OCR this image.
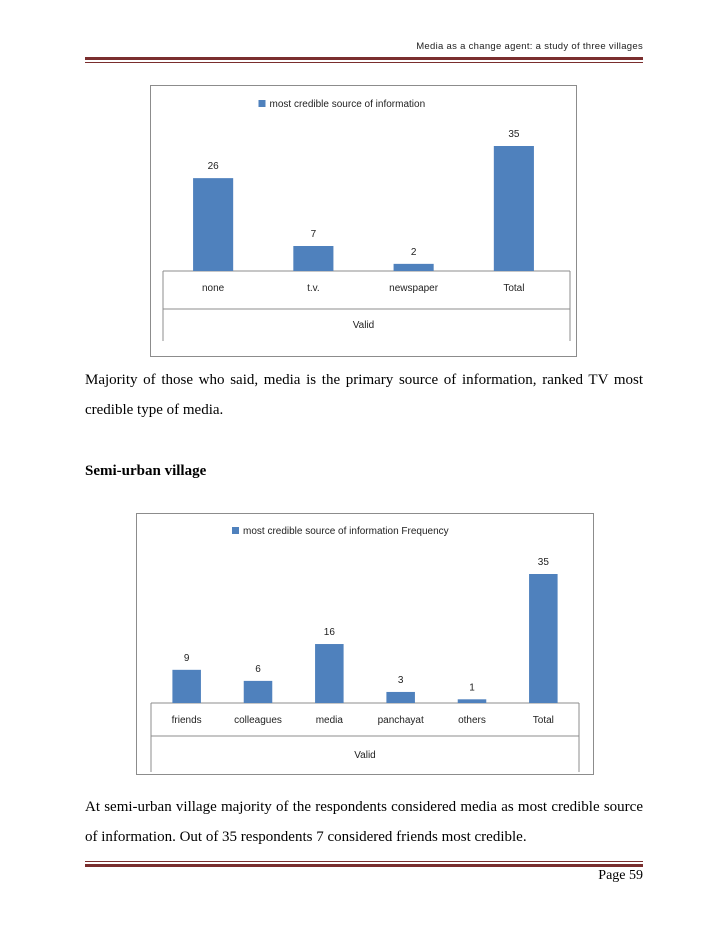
Media as a change agent: a study of three villages
most credible source of information
26
none
7
t.v.
2
newspaper
35
Total
Valid
Majority of those who said, media is the primary source of information, ranked TV most credible type of media.
Semi-urban village
most credible source of information Frequency
9
friends
6
colleagues
16
media
3
panchayat
1
others
35
Total
Valid
At semi-urban village majority of the respondents considered media as most credible source of information. Out of 35 respondents 7 considered friends most credible.
Page 59
